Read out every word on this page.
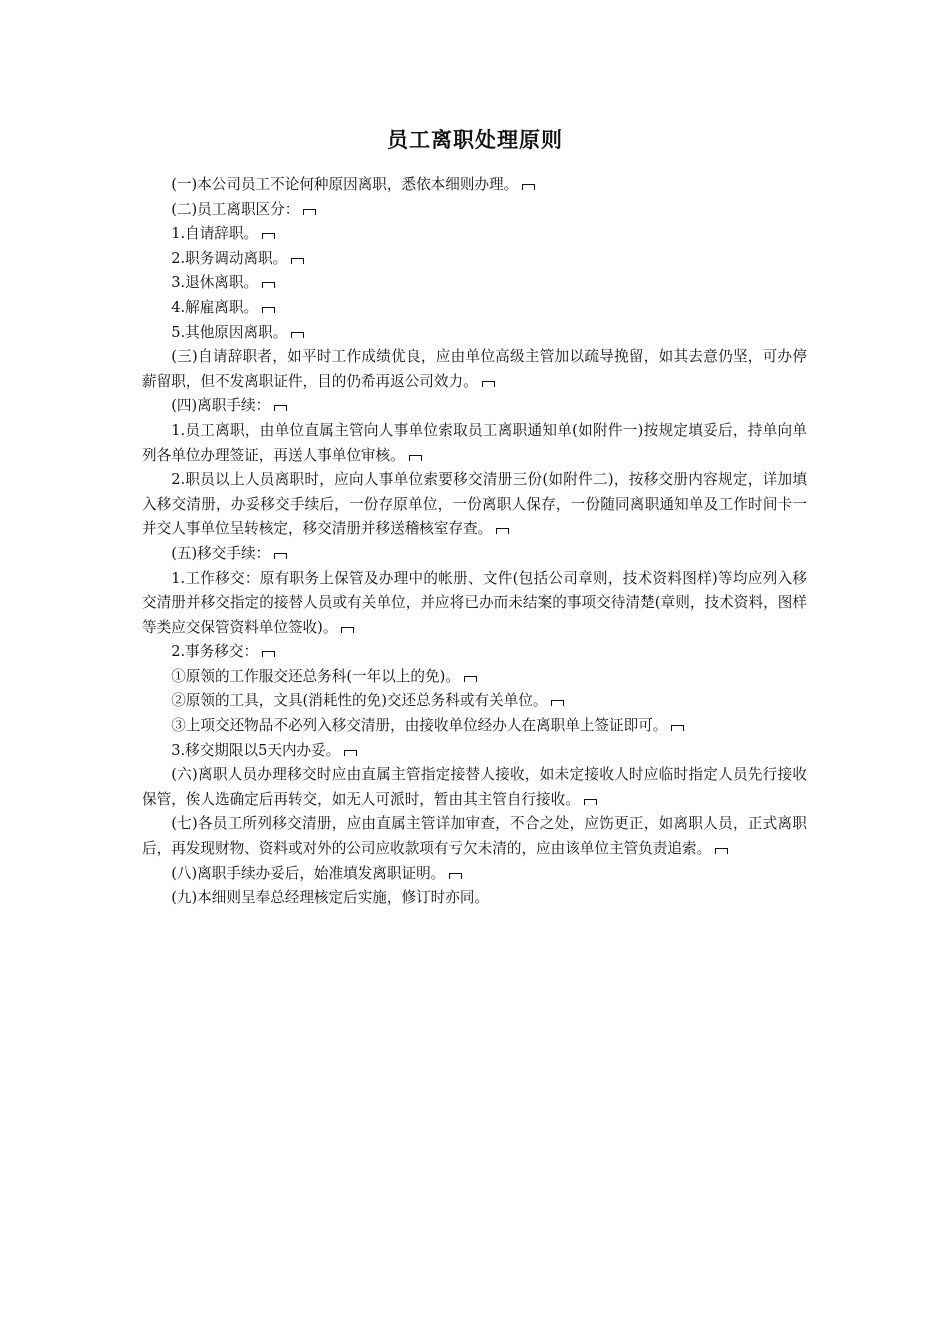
员工离职处理原则

(一)本公司员工不论何种原因离职，悉依本细则办理。

(二)员工离职区分：

1.自请辞职。

2.职务调动离职。

3.退休离职。

4.解雇离职。

5.其他原因离职。

(三)自请辞职者，如平时工作成绩优良，应由单位高级主管加以疏导挽留，如其去意仍坚，可办停薪留职，但不发离职证件，目的仍希再返公司效力。

(四)离职手续：

1.员工离职，由单位直属主管向人事单位索取员工离职通知单(如附件一)按规定填妥后，持单向单列各单位办理签证，再送人事单位审核。

2.职员以上人员离职时，应向人事单位索要移交清册三份(如附件二)，按移交册内容规定，详加填入移交清册，办妥移交手续后，一份存原单位，一份离职人保存，一份随同离职通知单及工作时间卡一并交人事单位呈转核定，移交清册并移送稽核室存查。

(五)移交手续：

1.工作移交：原有职务上保管及办理中的帐册、文件(包括公司章则，技术资料图样)等均应列入移交清册并移交指定的接替人员或有关单位，并应将已办而未结案的事项交待清楚(章则，技术资料，图样等类应交保管资料单位签收)。

2.事务移交：

①原领的工作服交还总务科(一年以上的免)。

②原领的工具，文具(消耗性的免)交还总务科或有关单位。

③上项交还物品不必列入移交清册，由接收单位经办人在离职单上签证即可。

3.移交期限以5天内办妥。

(六)离职人员办理移交时应由直属主管指定接替人接收，如未定接收人时应临时指定人员先行接收保管，俟人选确定后再转交，如无人可派时，暂由其主管自行接收。

(七)各员工所列移交清册，应由直属主管详加审查，不合之处，应饬更正，如离职人员，正式离职后，再发现财物、资料或对外的公司应收款项有亏欠未清的，应由该单位主管负责追索。

(八)离职手续办妥后，始准填发离职证明。

(九)本细则呈奉总经理核定后实施，修订时亦同。
